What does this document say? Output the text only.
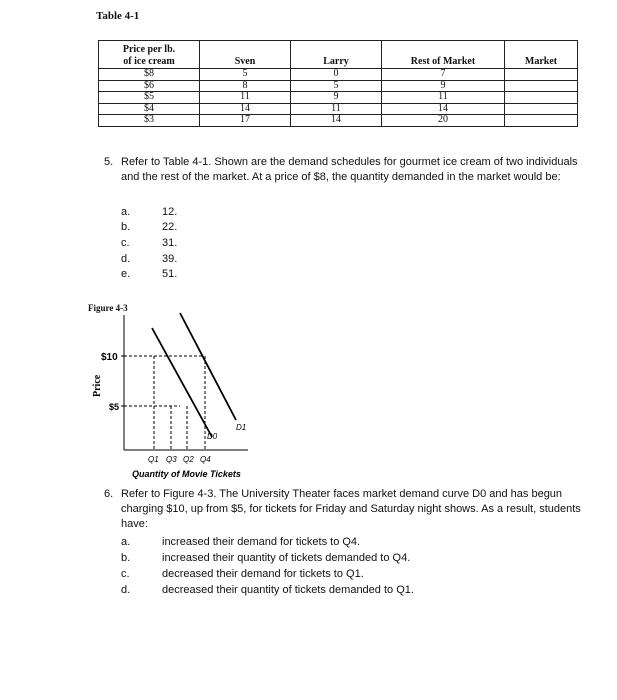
Table 4-1
Price per lb.
of ice cream	Sven	Larry	Rest of Market	Market
$8	5	0	7	
$6	8	5	9	
$5	11	9	11	
$4	14	11	14	
$3	17	14	20	
5. Refer to Table 4-1. Shown are the demand schedules for gourmet ice cream of two individuals and the rest of the market. At a price of $8, the quantity demanded in the market would be:
a.	12.
b.	22.
c.	31.
d.	39.
e.	51.
Figure 4-3
Price
$10
$5
D0
D1
Q1 Q3 Q2 Q4
Quantity of Movie Tickets
6. Refer to Figure 4-3. The University Theater faces market demand curve D0 and has begun charging $10, up from $5, for tickets for Friday and Saturday night shows. As a result, students have:
a.	increased their demand for tickets to Q4.
b.	increased their quantity of tickets demanded to Q4.
c.	decreased their demand for tickets to Q1.
d.	decreased their quantity of tickets demanded to Q1.
